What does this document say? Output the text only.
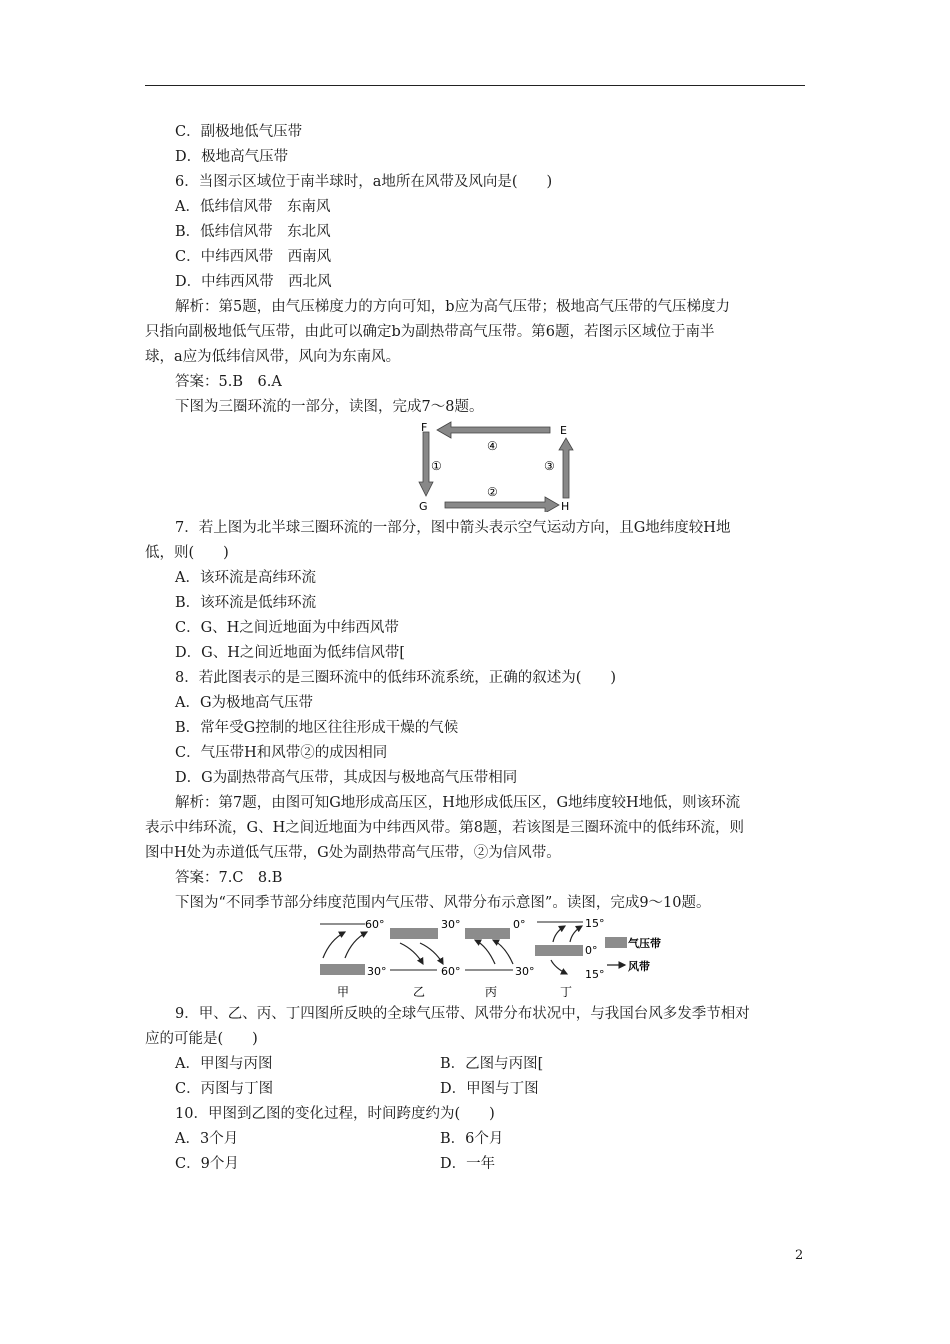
C．副极地低气压带
D．极地高气压带
6．当图示区域位于南半球时，a地所在风带及风向是(　　)
A．低纬信风带　东南风
B．低纬信风带　东北风
C．中纬西风带　西南风
D．中纬西风带　西北风
解析：第5题，由气压梯度力的方向可知，b应为高气压带；极地高气压带的气压梯度力
只指向副极地低气压带，由此可以确定b为副热带高气压带。第6题，若图示区域位于南半
球，a应为低纬信风带，风向为东南风。
答案：5.B　6.A
下图为三圈环流的一部分，读图，完成7～8题。
F	E
G	H
④
①	③
②
7．若上图为北半球三圈环流的一部分，图中箭头表示空气运动方向，且G地纬度较H地
低，则(　　)
A．该环流是高纬环流
B．该环流是低纬环流
C．G、H之间近地面为中纬西风带
D．G、H之间近地面为低纬信风带[
8．若此图表示的是三圈环流中的低纬环流系统，正确的叙述为(　　)
A．G为极地高气压带
B．常年受G控制的地区往往形成干燥的气候
C．气压带H和风带②的成因相同
D．G为副热带高气压带，其成因与极地高气压带相同
解析：第7题，由图可知G地形成高压区，H地形成低压区，G地纬度较H地低，则该环流
表示中纬环流，G、H之间近地面为中纬西风带。第8题，若该图是三圈环流中的低纬环流，则
图中H处为赤道低气压带，G处为副热带高气压带，②为信风带。
答案：7.C　8.B
下图为“不同季节部分纬度范围内气压带、风带分布示意图”。读图，完成9～10题。
60°
30°
甲
30°
60°
乙
0°
30°
丙
15°
0°
15°
丁
气压带
风带
9．甲、乙、丙、丁四图所反映的全球气压带、风带分布状况中，与我国台风多发季节相对
应的可能是(　　)
A．甲图与丙图	B．乙图与丙图[
C．丙图与丁图	D．甲图与丁图
10．甲图到乙图的变化过程，时间跨度约为(　　)
A．3个月	B．6个月
C．9个月	D．一年
2
